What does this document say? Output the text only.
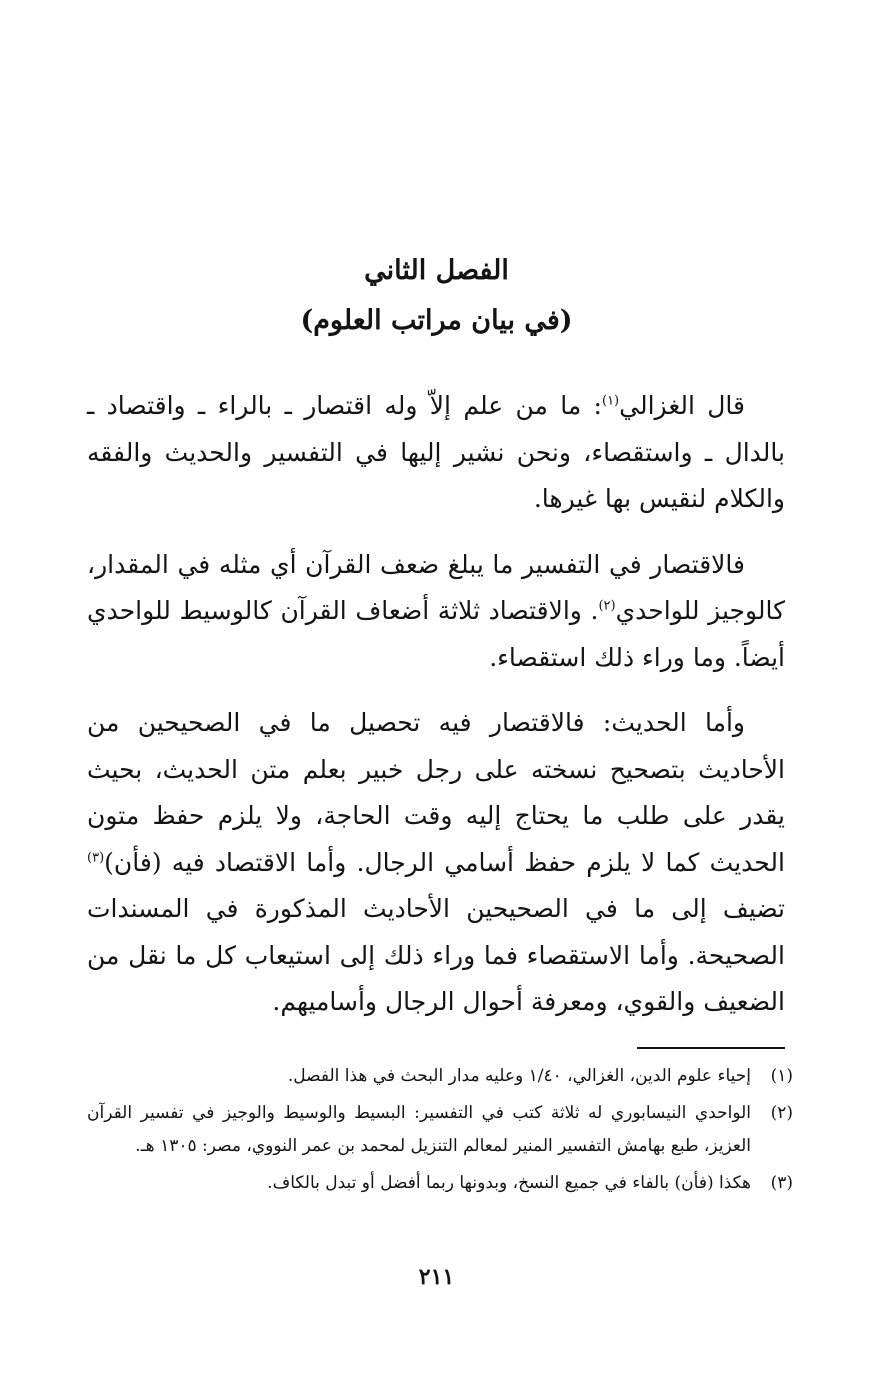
الفصل الثاني
(في بيان مراتب العلوم)

قال الغزالي$^{(١)}$: ما من علم إلاّ وله اقتصار ـ بالراء ـ واقتصاد ـ بالدال ـ واستقصاء، ونحن نشير إليها في التفسير والحديث والفقه والكلام لنقيس بها غيرها.

فالاقتصار في التفسير ما يبلغ ضعف القرآن أي مثله في المقدار، كالوجيز للواحدي$^{(٢)}$. والاقتصاد ثلاثة أضعاف القرآن كالوسيط للواحدي أيضاً. وما وراء ذلك استقصاء.

وأما الحديث: فالاقتصار فيه تحصيل ما في الصحيحين من الأحاديث بتصحيح نسخته على رجل خبير بعلم متن الحديث، بحيث يقدر على طلب ما يحتاج إليه وقت الحاجة، ولا يلزم حفظ متون الحديث كما لا يلزم حفظ أسامي الرجال. وأما الاقتصاد فيه (فأن)$^{(٣)}$ تضيف إلى ما في الصحيحين الأحاديث المذكورة في المسندات الصحيحة. وأما الاستقصاء فما وراء ذلك إلى استيعاب كل ما نقل من الضعيف والقوي، ومعرفة أحوال الرجال وأساميهم.

(١)
إحياء علوم الدين، الغزالي، ١/٤٠ وعليه مدار البحث في هذا الفصل.
(٢)
الواحدي النيسابوري له ثلاثة كتب في التفسير: البسيط والوسيط والوجيز في تفسير القرآن العزيز، طبع بهامش التفسير المنير لمعالم التنزيل لمحمد بن عمر النووي، مصر: ١٣٠٥ هـ.
(٣)
هكذا (فأن) بالفاء في جميع النسخ، وبدونها ربما أفضل أو تبدل بالكاف.
٢١١
